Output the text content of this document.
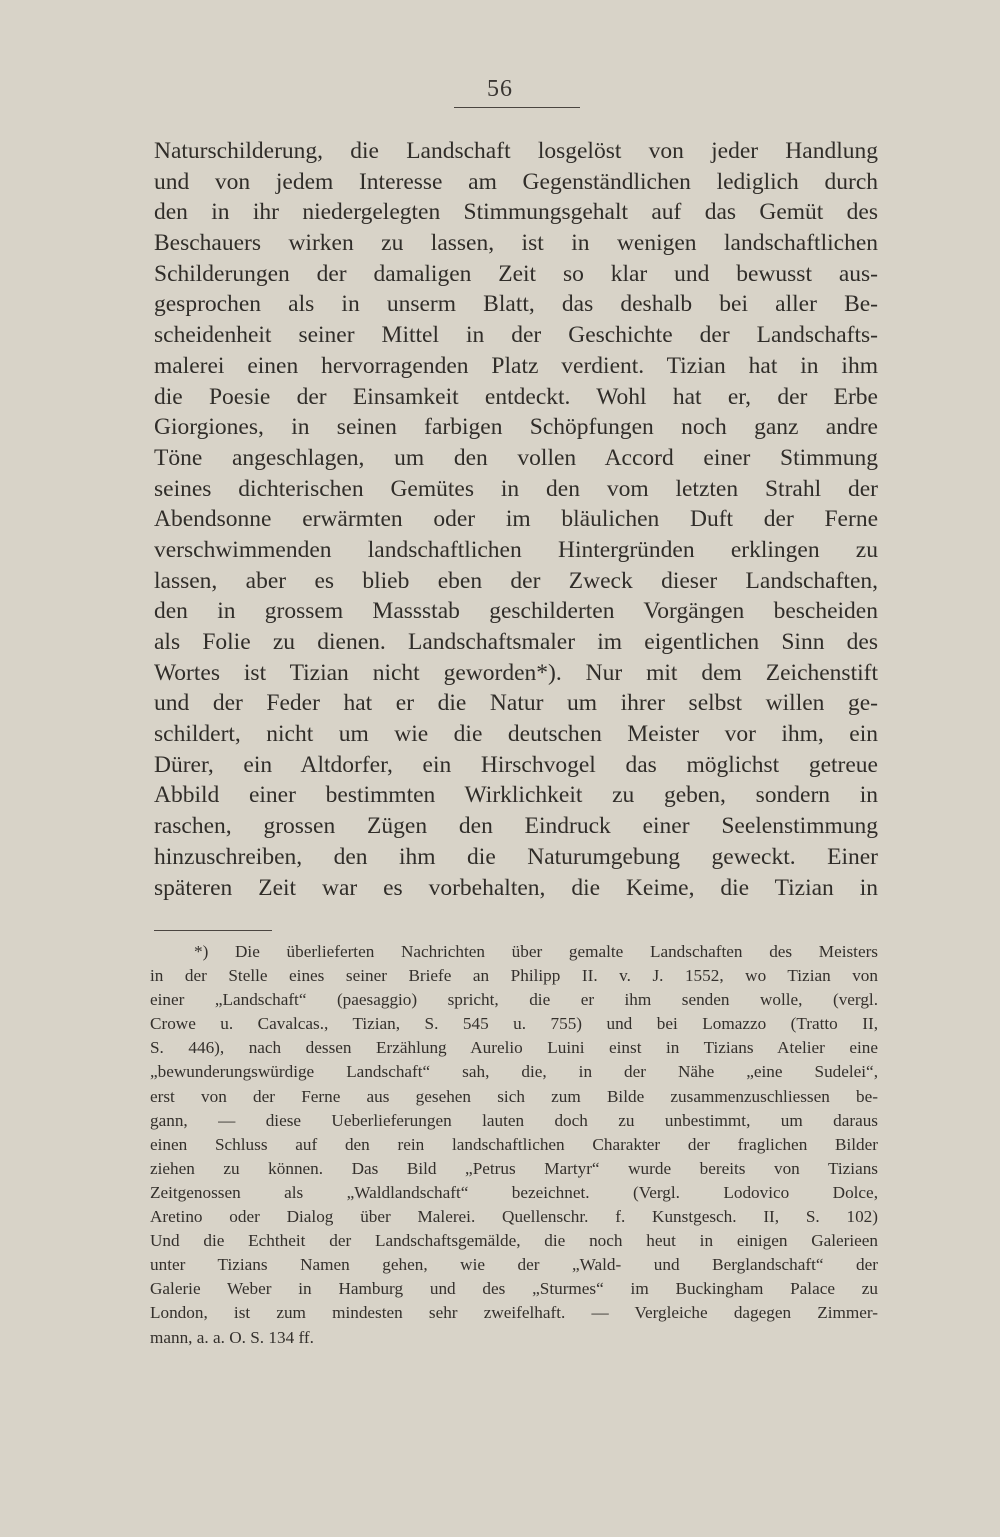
56
Naturschilderung, die Landschaft losgelöst von jeder Handlung
und von jedem Interesse am Gegenständlichen lediglich durch
den in ihr niedergelegten Stimmungsgehalt auf das Gemüt des
Beschauers wirken zu lassen, ist in wenigen landschaftlichen
Schilderungen der damaligen Zeit so klar und bewusst aus-
gesprochen als in unserm Blatt, das deshalb bei aller Be-
scheidenheit seiner Mittel in der Geschichte der Landschafts-
malerei einen hervorragenden Platz verdient. Tizian hat in ihm
die Poesie der Einsamkeit entdeckt. Wohl hat er, der Erbe
Giorgiones, in seinen farbigen Schöpfungen noch ganz andre
Töne angeschlagen, um den vollen Accord einer Stimmung
seines dichterischen Gemütes in den vom letzten Strahl der
Abendsonne erwärmten oder im bläulichen Duft der Ferne
verschwimmenden landschaftlichen Hintergründen erklingen zu
lassen, aber es blieb eben der Zweck dieser Landschaften,
den in grossem Massstab geschilderten Vorgängen bescheiden
als Folie zu dienen. Landschaftsmaler im eigentlichen Sinn des
Wortes ist Tizian nicht geworden*). Nur mit dem Zeichenstift
und der Feder hat er die Natur um ihrer selbst willen ge-
schildert, nicht um wie die deutschen Meister vor ihm, ein
Dürer, ein Altdorfer, ein Hirschvogel das möglichst getreue
Abbild einer bestimmten Wirklichkeit zu geben, sondern in
raschen, grossen Zügen den Eindruck einer Seelenstimmung
hinzuschreiben, den ihm die Naturumgebung geweckt. Einer
späteren Zeit war es vorbehalten, die Keime, die Tizian in
*) Die überlieferten Nachrichten über gemalte Landschaften des Meisters
in der Stelle eines seiner Briefe an Philipp II. v. J. 1552, wo Tizian von
einer „Landschaft“ (paesaggio) spricht, die er ihm senden wolle, (vergl.
Crowe u. Cavalcas., Tizian, S. 545 u. 755) und bei Lomazzo (Tratto II,
S. 446), nach dessen Erzählung Aurelio Luini einst in Tizians Atelier eine
„bewunderungswürdige Landschaft“ sah, die, in der Nähe „eine Sudelei“,
erst von der Ferne aus gesehen sich zum Bilde zusammenzuschliessen be-
gann, — diese Ueberlieferungen lauten doch zu unbestimmt, um daraus
einen Schluss auf den rein landschaftlichen Charakter der fraglichen Bilder
ziehen zu können. Das Bild „Petrus Martyr“ wurde bereits von Tizians
Zeitgenossen als „Waldlandschaft“ bezeichnet. (Vergl. Lodovico Dolce,
Aretino oder Dialog über Malerei. Quellenschr. f. Kunstgesch. II, S. 102)
Und die Echtheit der Landschaftsgemälde, die noch heut in einigen Galerieen
unter Tizians Namen gehen, wie der „Wald- und Berglandschaft“ der
Galerie Weber in Hamburg und des „Sturmes“ im Buckingham Palace zu
London, ist zum mindesten sehr zweifelhaft. — Vergleiche dagegen Zimmer-
mann, a. a. O. S. 134 ff.
